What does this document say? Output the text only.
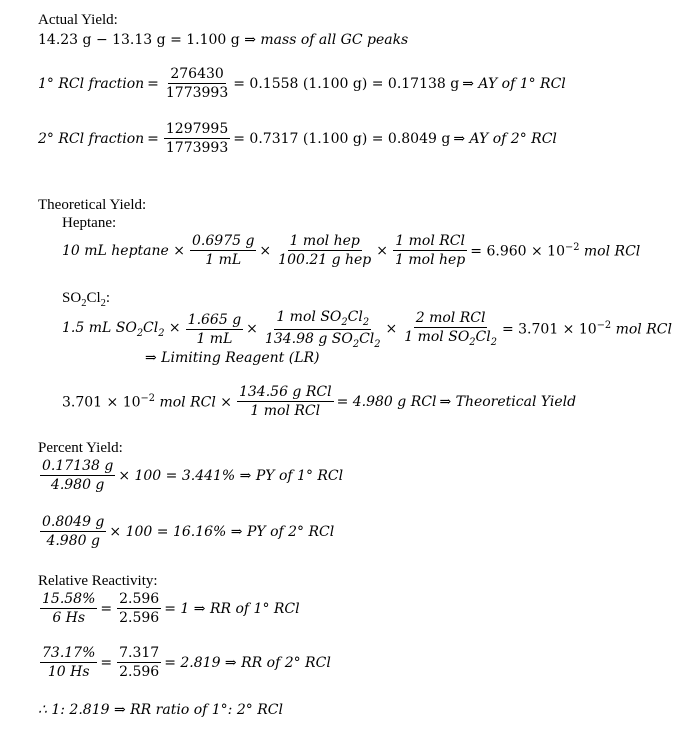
Actual Yield:
14.23 g − 13.13 g = 1.100 g ⇒ mass of all GC peaks
1° RCl fraction = $\frac{276430}{1773993} = 0.1558$ (1.100 g) = 0.17138 g ⇒ AY of 1° RCl
2° RCl fraction = $\frac{1297995}{1773993} = 0.7317$ (1.100 g) = 0.8049 g ⇒ AY of 2° RCl
Theoretical Yield:
Heptane:
10 mL $heptane \times \frac{0.6975 g}{1 mL} \times \frac{\text{1 mol hep}}{\text{100.21 g hep}} \times \frac{\text{1 mol RCl}}{\text{1 mol hep}} = 6.960 \times 10^{-2}$ mol RCl
$SO_2Cl_2$:
1.5 mL $SO_2Cl_2 \times \frac{1.665 g}{1 mL} \times \frac{1 mol SO_2Cl_2}{134.98 g SO_2Cl_2} \times \frac{\text{2 mol RCl}}{1 mol SO_2Cl_2} = 3.701 \times 10^{-2}$ mol RCl
⇒ Limiting Reagent (LR)
$3.701 \times 10^{-2}$ mol RCl × $\frac{\text{134.56 g RCl}}{\text{1 mol RCl}} = 4.980$ g RCl ⇒ Theoretical Yield
Percent Yield:
$\frac{0.17138 g}{4.980 g} \times 100 = 3.441\%$ ⇒ PY of 1° RCl
$\frac{0.8049 g}{4.980 g} \times 100 = 16.16\%$ ⇒ PY of 2° RCl
Relative Reactivity:
$\frac{15.58\%}{6 Hs} = \frac{2.596}{2.596} = 1$ ⇒ RR of 1° RCl
$\frac{73.17\%}{10 Hs} = \frac{7.317}{2.596} = 2.819$ ⇒ RR of 2° RCl
∴ 1: 2.819 ⇒ RR ratio of 1°: 2° RCl
